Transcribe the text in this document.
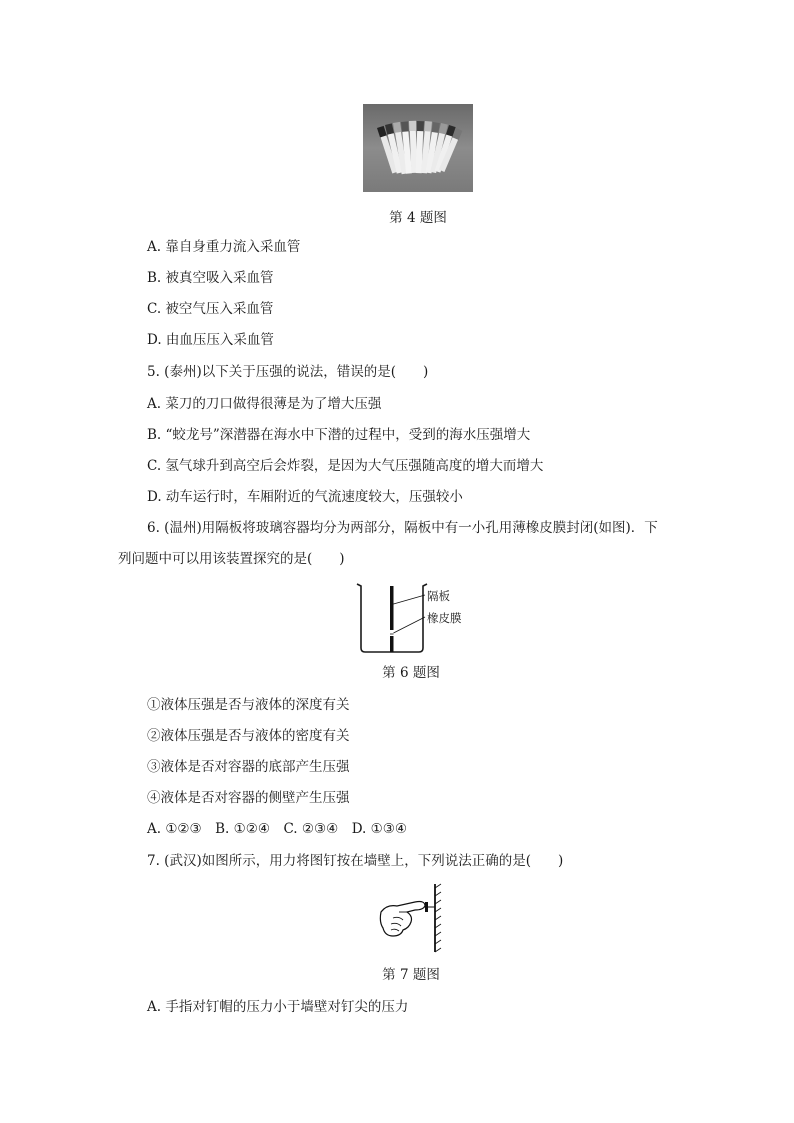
第 4 题图
A. 靠自身重力流入采血管
B. 被真空吸入采血管
C. 被空气压入采血管
D. 由血压压入采血管
5. (泰州)以下关于压强的说法，错误的是(　　)
A. 菜刀的刀口做得很薄是为了增大压强
B. “蛟龙号”深潜器在海水中下潜的过程中，受到的海水压强增大
C. 氢气球升到高空后会炸裂，是因为大气压强随高度的增大而增大
D. 动车运行时，车厢附近的气流速度较大，压强较小
6. (温州)用隔板将玻璃容器均分为两部分，隔板中有一小孔用薄橡皮膜封闭(如图)．下
列问题中可以用该装置探究的是(　　)
隔板
橡皮膜
第 6 题图
①液体压强是否与液体的深度有关
②液体压强是否与液体的密度有关
③液体是否对容器的底部产生压强
④液体是否对容器的侧壁产生压强
A. ①②③　B. ①②④　C. ②③④　D. ①③④
7. (武汉)如图所示，用力将图钉按在墙壁上，下列说法正确的是(　　)
第 7 题图
A. 手指对钉帽的压力小于墙壁对钉尖的压力
